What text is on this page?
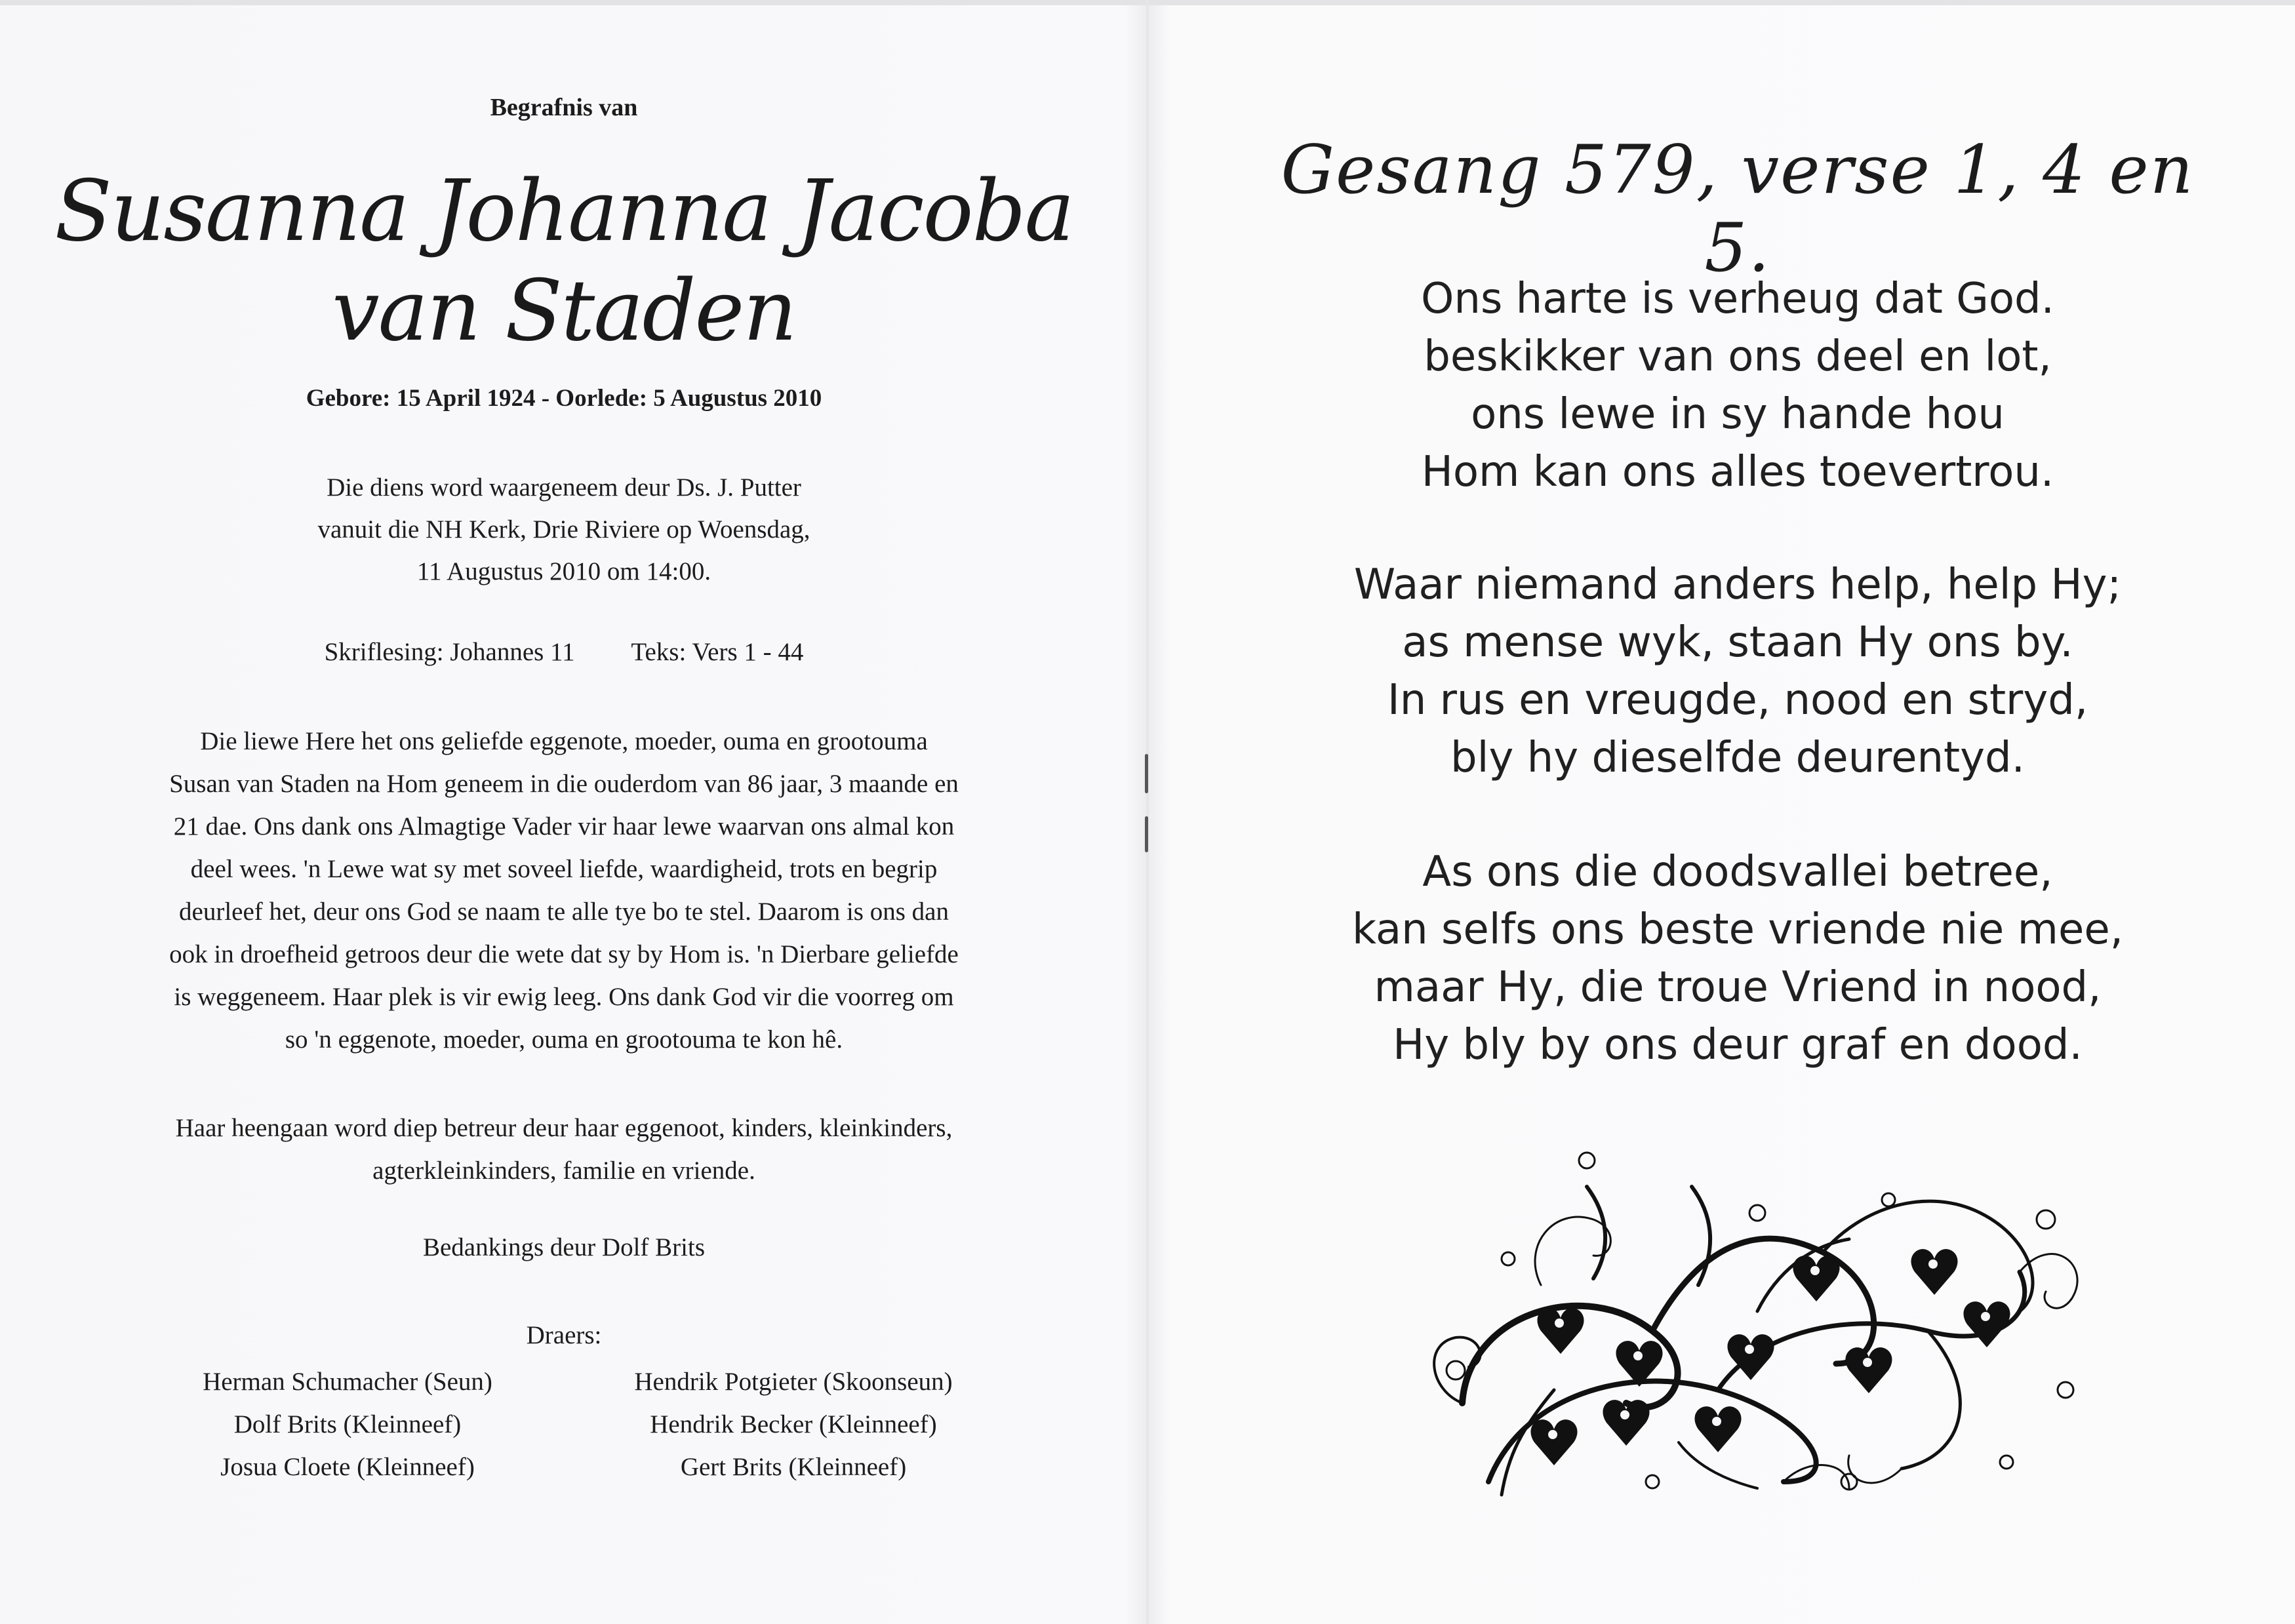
Begrafnis van
Susanna Johanna Jacoba
van Staden
Gebore: 15 April 1924 - Oorlede: 5 Augustus 2010
Die diens word waargeneem deur Ds. J. Putter
vanuit die NH Kerk, Drie Riviere op Woensdag,
11 Augustus 2010 om 14:00.
Skriflesing: Johannes 11 Teks: Vers 1 - 44
Die liewe Here het ons geliefde eggenote, moeder, ouma en grootouma
Susan van Staden na Hom geneem in die ouderdom van 86 jaar, 3 maande en
21 dae. Ons dank ons Almagtige Vader vir haar lewe waarvan ons almal kon
deel wees. 'n Lewe wat sy met soveel liefde, waardigheid, trots en begrip
deurleef het, deur ons God se naam te alle tye bo te stel. Daarom is ons dan
ook in droefheid getroos deur die wete dat sy by Hom is. 'n Dierbare geliefde
is weggeneem. Haar plek is vir ewig leeg. Ons dank God vir die voorreg om
so 'n eggenote, moeder, ouma en grootouma te kon hê.
Haar heengaan word diep betreur deur haar eggenoot, kinders, kleinkinders,
agterkleinkinders, familie en vriende.
Bedankings deur Dolf Brits
Draers:
Herman Schumacher (Seun)
Dolf Brits (Kleinneef)
Josua Cloete (Kleinneef)
Hendrik Potgieter (Skoonseun)
Hendrik Becker (Kleinneef)
Gert Brits (Kleinneef)
Gesang 579, verse 1, 4 en 5.
Ons harte is verheug dat God.
beskikker van ons deel en lot,
ons lewe in sy hande hou
Hom kan ons alles toevertrou.
Waar niemand anders help, help Hy;
as mense wyk, staan Hy ons by.
In rus en vreugde, nood en stryd,
bly hy dieselfde deurentyd.
As ons die doodsvallei betree,
kan selfs ons beste vriende nie mee,
maar Hy, die troue Vriend in nood,
Hy bly by ons deur graf en dood.
